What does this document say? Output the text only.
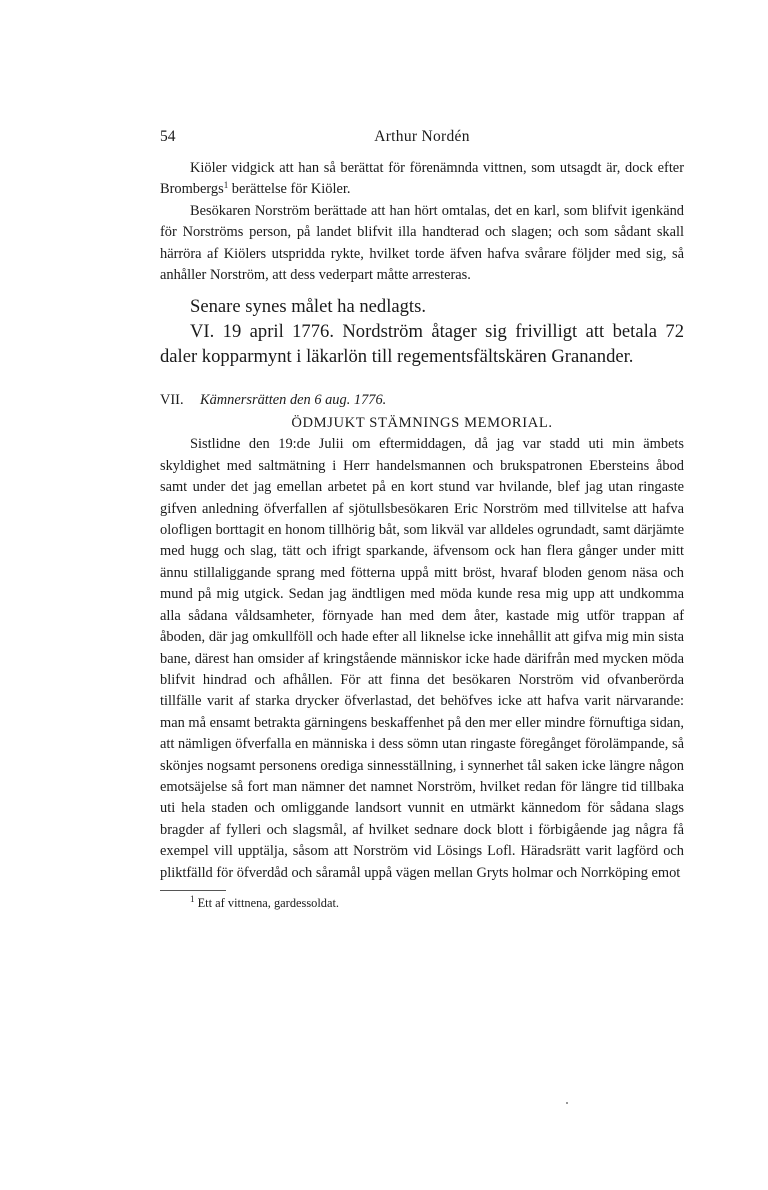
54	Arthur Nordén

Kiöler vidgick att han så berättat för förenämnda vittnen, som utsagdt är, dock efter Brombergs$^1$ berättelse för Kiöler.

Besökaren Norström berättade att han hört omtalas, det en karl, som blifvit igenkänd för Norströms person, på landet blifvit illa handterad och slagen; och som sådant skall härröra af Kiölers utspridda rykte, hvilket torde äfven hafva svårare följder med sig, så anhåller Norström, att dess vederpart måtte arresteras.

Senare synes målet ha nedlagts.

VI. 19 april 1776. Nordström åtager sig frivilligt att betala 72 daler kopparmynt i läkarlön till regementsfältskären Granander.

VII. Kämnersrätten den 6 aug. 1776.
ÖDMJUKT STÄMNINGS MEMORIAL.

Sistlidne den 19:de Julii om eftermiddagen, då jag var stadd uti min ämbets skyldighet med saltmätning i Herr handelsmannen och brukspatronen Ebersteins åbod samt under det jag emellan arbetet på en kort stund var hvilande, blef jag utan ringaste gifven anledning öfverfallen af sjötullsbesökaren Eric Norström med tillvitelse att hafva olofligen borttagit en honom tillhörig båt, som likväl var alldeles ogrundadt, samt därjämte med hugg och slag, tätt och ifrigt sparkande, äfvensom ock han flera gånger under mitt ännu stillaliggande sprang med fötterna uppå mitt bröst, hvaraf bloden genom näsa och mund på mig utgick. Sedan jag ändtligen med möda kunde resa mig upp att undkomma alla sådana våldsamheter, förnyade han med dem åter, kastade mig utför trappan af åboden, där jag omkullföll och hade efter all liknelse icke innehållit att gifva mig min sista bane, därest han omsider af kringstående människor icke hade därifrån med mycken möda blifvit hindrad och afhållen. För att finna det besökaren Norström vid ofvanberörda tillfälle varit af starka drycker öfverlastad, det behöfves icke att hafva varit närvarande: man må ensamt betrakta gärningens beskaffenhet på den mer eller mindre förnuftiga sidan, att nämligen öfverfalla en människa i dess sömn utan ringaste föregånget förolämpande, så skönjes nogsamt personens orediga sinnesställning, i synnerhet tål saken icke längre någon emotsäjelse så fort man nämner det namnet Norström, hvilket redan för längre tid tillbaka uti hela staden och omliggande landsort vunnit en utmärkt kännedom för sådana slags bragder af fylleri och slagsmål, af hvilket sednare dock blott i förbigående jag några få exempel vill upptälja, såsom att Norström vid Lösings Lofl. Häradsrätt varit lagförd och pliktfälld för öfverdåd och såramål uppå vägen mellan Gryts holmar och Norrköping emot

$^1$ Ett af vittnena, gardessoldat.
